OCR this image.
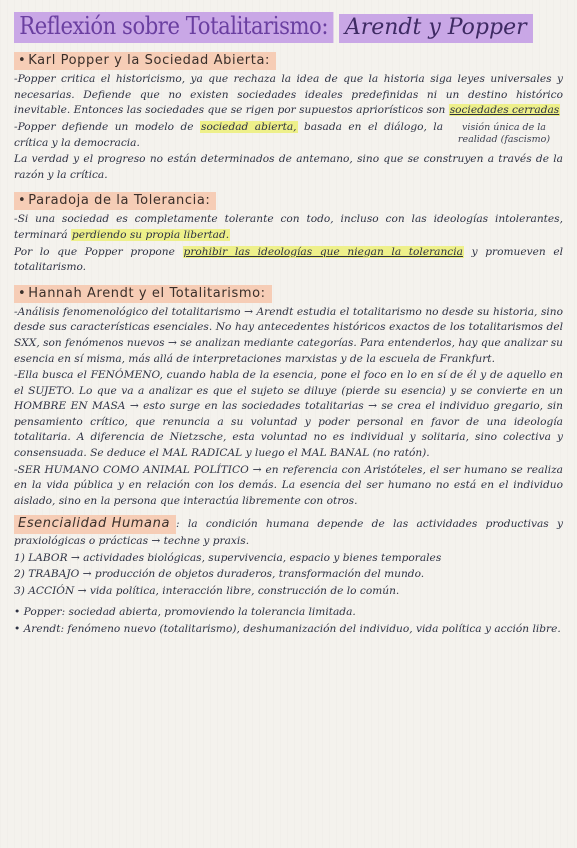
Reflexión sobre Totalitarismo: Arendt y Popper
• Karl Popper y la Sociedad Abierta:

-Popper critica el historicismo, ya que rechaza la idea de que la historia siga leyes universales y necesarias. Defiende que no existen sociedades ideales predefinidas ni un destino histórico inevitable. Entonces las sociedades que se rigen por supuestos apriorísticos son sociedades cerradas

-Popper defiende un modelo de sociedad abierta, basada en el diálogo, la crítica y la democracia.
visión única de la realidad (fascismo)

La verdad y el progreso no están determinados de antemano, sino que se construyen a través de la razón y la crítica.

• Paradoja de la Tolerancia:

-Si una sociedad es completamente tolerante con todo, incluso con las ideologías intolerantes, terminará perdiendo su propia libertad.

Por lo que Popper propone prohibir las ideologías que niegan la tolerancia y promueven el totalitarismo.

• Hannah Arendt y el Totalitarismo:

-Análisis fenomenológico del totalitarismo → Arendt estudia el totalitarismo no desde su historia, sino desde sus características esenciales. No hay antecedentes históricos exactos de los totalitarismos del SXX, son fenómenos nuevos → se analizan mediante categorías. Para entenderlos, hay que analizar su esencia en sí misma, más allá de interpretaciones marxistas y de la escuela de Frankfurt.

-Ella busca el FENÓMENO, cuando habla de la esencia, pone el foco en lo en sí de él y de aquello en el SUJETO. Lo que va a analizar es que el sujeto se diluye (pierde su esencia) y se convierte en un HOMBRE EN MASA → esto surge en las sociedades totalitarias → se crea el individuo gregario, sin pensamiento crítico, que renuncia a su voluntad y poder personal en favor de una ideología totalitaria. A diferencia de Nietzsche, esta voluntad no es individual y solitaria, sino colectiva y consensuada. Se deduce el MAL RADICAL y luego el MAL BANAL (no ratón).

-SER HUMANO COMO ANIMAL POLÍTICO → en referencia con Aristóteles, el ser humano se realiza en la vida pública y en relación con los demás. La esencia del ser humano no está en el individuo aislado, sino en la persona que interactúa libremente con otros.

Esencialidad Humana : la condición humana depende de las actividades productivas y praxiológicas o prácticas → techne y praxis.

1) LABOR → actividades biológicas, supervivencia, espacio y bienes temporales

2) TRABAJO → producción de objetos duraderos, transformación del mundo.

3) ACCIÓN → vida política, interacción libre, construcción de lo común.

• Popper: sociedad abierta, promoviendo la tolerancia limitada.

• Arendt: fenómeno nuevo (totalitarismo), deshumanización del individuo, vida política y acción libre.
